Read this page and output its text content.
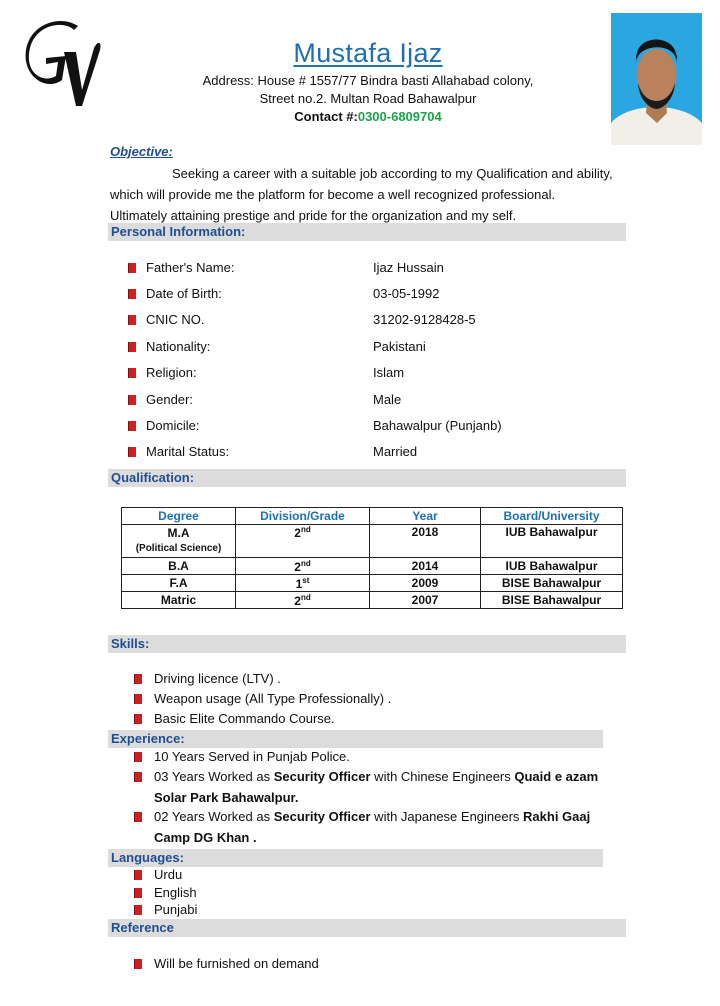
Mustafa Ijaz
Address: House # 1557/77 Bindra basti Allahabad colony,
Street no.2. Multan Road Bahawalpur
Contact #:0300-6809704
Objective:
Seeking a career with a suitable job according to my Qualification and ability,
which will provide me the platform for become a well recognized professional.
Ultimately attaining prestige and pride for the organization and my self.
Personal Information:
Father's Name:	Ijaz Hussain
Date of Birth:	03-05-1992
CNIC NO.	31202-9128428-5
Nationality:	Pakistani
Religion:	Islam
Gender:	Male
Domicile:	Bahawalpur (Punjanb)
Marital Status:	Married
Qualification:
Degree	Division/Grade	Year	Board/University

M.A
(Political Science)	2nd	2018	IUB Bahawalpur
B.A	2nd	2014	IUB Bahawalpur
F.A	1st	2009	BISE Bahawalpur
Matric	2nd	2007	BISE Bahawalpur
Skills:
Driving licence (LTV) .
Weapon usage (All Type Professionally) .
Basic Elite Commando Course.
Experience:
10 Years Served in Punjab Police.
03 Years Worked as Security Officer with Chinese Engineers Quaid e azam
Solar Park Bahawalpur.
02 Years Worked as Security Officer with Japanese Engineers Rakhi Gaaj
Camp DG Khan .
Languages:
Urdu
English
Punjabi
Reference
Will be furnished on demand
